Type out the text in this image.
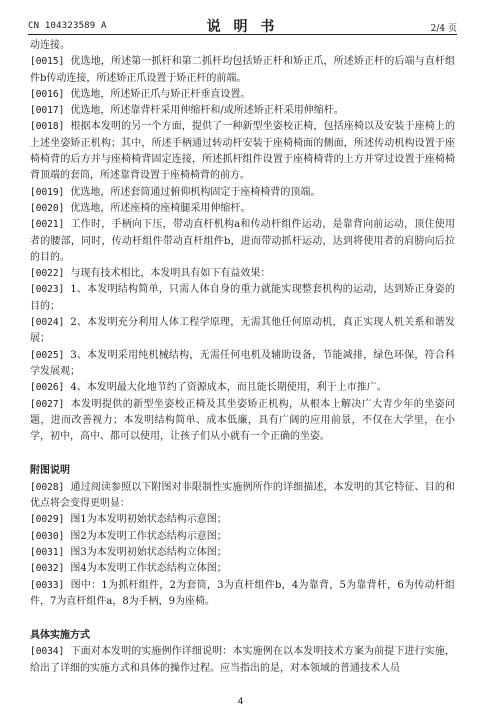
CN 104323589 A	说 明 书	2/4 页
动连接。
[0015] 优选地，所述第一抓杆和第二抓杆均包括矫正杆和矫正爪，所述矫正杆的后端与直杆组件b传动连接，所述矫正爪设置于矫正杆的前端。
[0016] 优选地，所述矫正爪与矫正杆垂直设置。
[0017] 优选地，所述靠背杆采用伸缩杆和/或所述矫正杆采用伸缩杆。
[0018] 根据本发明的另一个方面，提供了一种新型坐姿校正椅，包括座椅以及安装于座椅上的上述坐姿矫正机构；其中，所述手柄通过转动杆安装于座椅椅面的侧面，所述传动机构设置于座椅椅背的后方并与座椅椅背固定连接，所述抓杆组件设置于座椅椅背的上方并穿过设置于座椅椅背顶端的套筒，所述靠背设置于座椅椅背的前方。
[0019] 优选地，所述套筒通过俯仰机构固定于座椅椅背的顶端。
[0020] 优选地，所述座椅的座椅腿采用伸缩杆。
[0021] 工作时，手柄向下压，带动直杆机构a和传动杆组件运动，是靠背向前运动，顶住使用者的腰部，同时，传动杆组件带动直杆组件b，进而带动抓杆运动，达到将使用者的肩膀向后拉的目的。
[0022] 与现有技术相比，本发明具有如下有益效果：
[0023] 1、本发明结构简单，只需人体自身的重力就能实现整套机构的运动，达到矫正身姿的目的；
[0024] 2、本发明充分利用人体工程学原理，无需其他任何原动机，真正实现人机关系和谐发展；
[0025] 3、本发明采用纯机械结构，无需任何电机及辅助设备，节能减排，绿色环保，符合科学发展观；
[0026] 4、本发明最大化地节约了资源成本，而且能长期使用，利于上市推广。
[0027] 本发明提供的新型坐姿校正椅及其坐姿矫正机构，从根本上解决广大青少年的坐姿问题，进而改善视力；本发明结构简单、成本低廉，具有广阔的应用前景，不仅在大学里，在小学，初中，高中、都可以使用，让孩子们从小就有一个正确的坐姿。
附图说明
[0028] 通过阅读参照以下附图对非限制性实施例所作的详细描述，本发明的其它特征、目的和优点将会变得更明显：
[0029] 图1为本发明初始状态结构示意图；
[0030] 图2为本发明工作状态结构示意图；
[0031] 图3为本发明初始状态结构立体图；
[0032] 图4为本发明工作状态结构立体图；
[0033] 图中：1为抓杆组件，2为套筒，3为直杆组件b，4为靠背，5为靠背杆，6为传动杆组件，7为直杆组件a，8为手柄，9为座椅。
具体实施方式
[0034] 下面对本发明的实施例作详细说明：本实施例在以本发明技术方案为前提下进行实施，给出了详细的实施方式和具体的操作过程。应当指出的是，对本领域的普通技术人员
4
